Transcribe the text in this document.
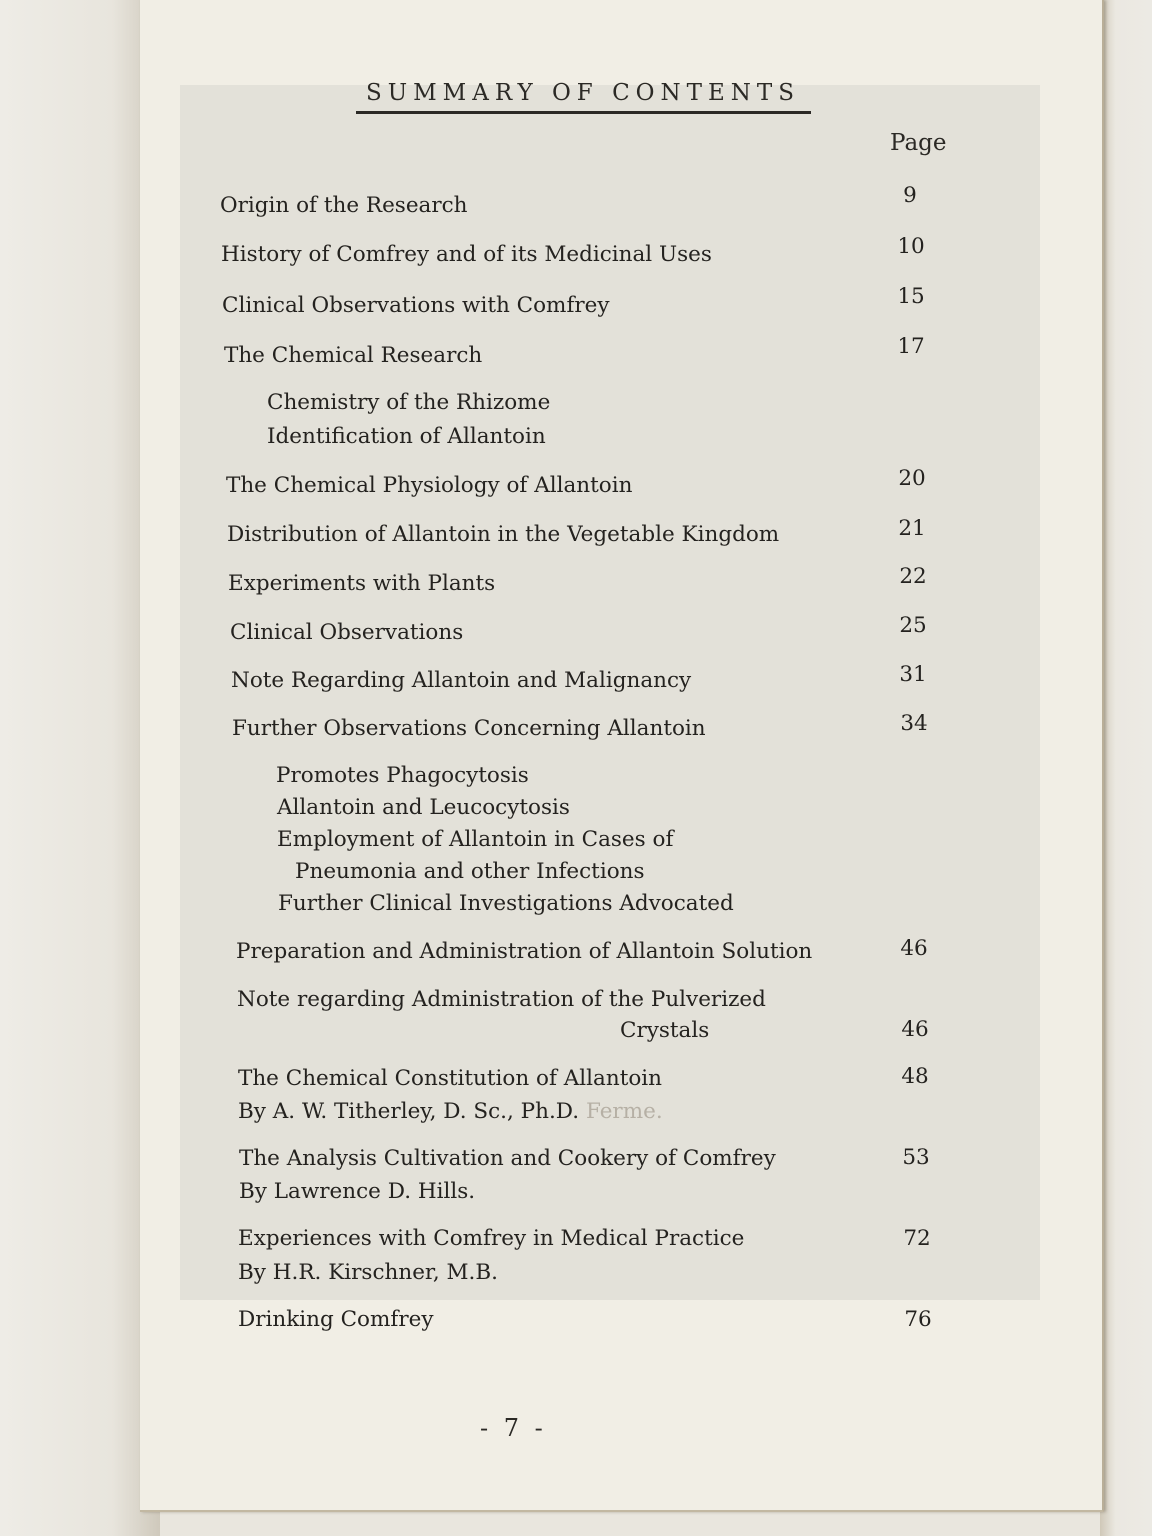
SUMMARY OF CONTENTS
Page
Origin of the Research	9
History of Comfrey and of its Medicinal Uses	10
Clinical Observations with Comfrey	15
The Chemical Research	17
Chemistry of the Rhizome
Identification of Allantoin
The Chemical Physiology of Allantoin	20
Distribution of Allantoin in the Vegetable Kingdom	21
Experiments with Plants	22
Clinical Observations	25
Note Regarding Allantoin and Malignancy	31
Further Observations Concerning Allantoin	34
Promotes Phagocytosis
Allantoin and Leucocytosis
Employment of Allantoin in Cases of
Pneumonia and other Infections
Further Clinical Investigations Advocated
Preparation and Administration of Allantoin Solution	46
Note regarding Administration of the Pulverized
Crystals	46
The Chemical Constitution of Allantoin	48
By A. W. Titherley, D. Sc., Ph.D. Ferme.
The Analysis Cultivation and Cookery of Comfrey	53
By Lawrence D. Hills.
Experiences with Comfrey in Medical Practice	72
By H.R. Kirschner, M.B.
Drinking Comfrey	76
- 7 -
